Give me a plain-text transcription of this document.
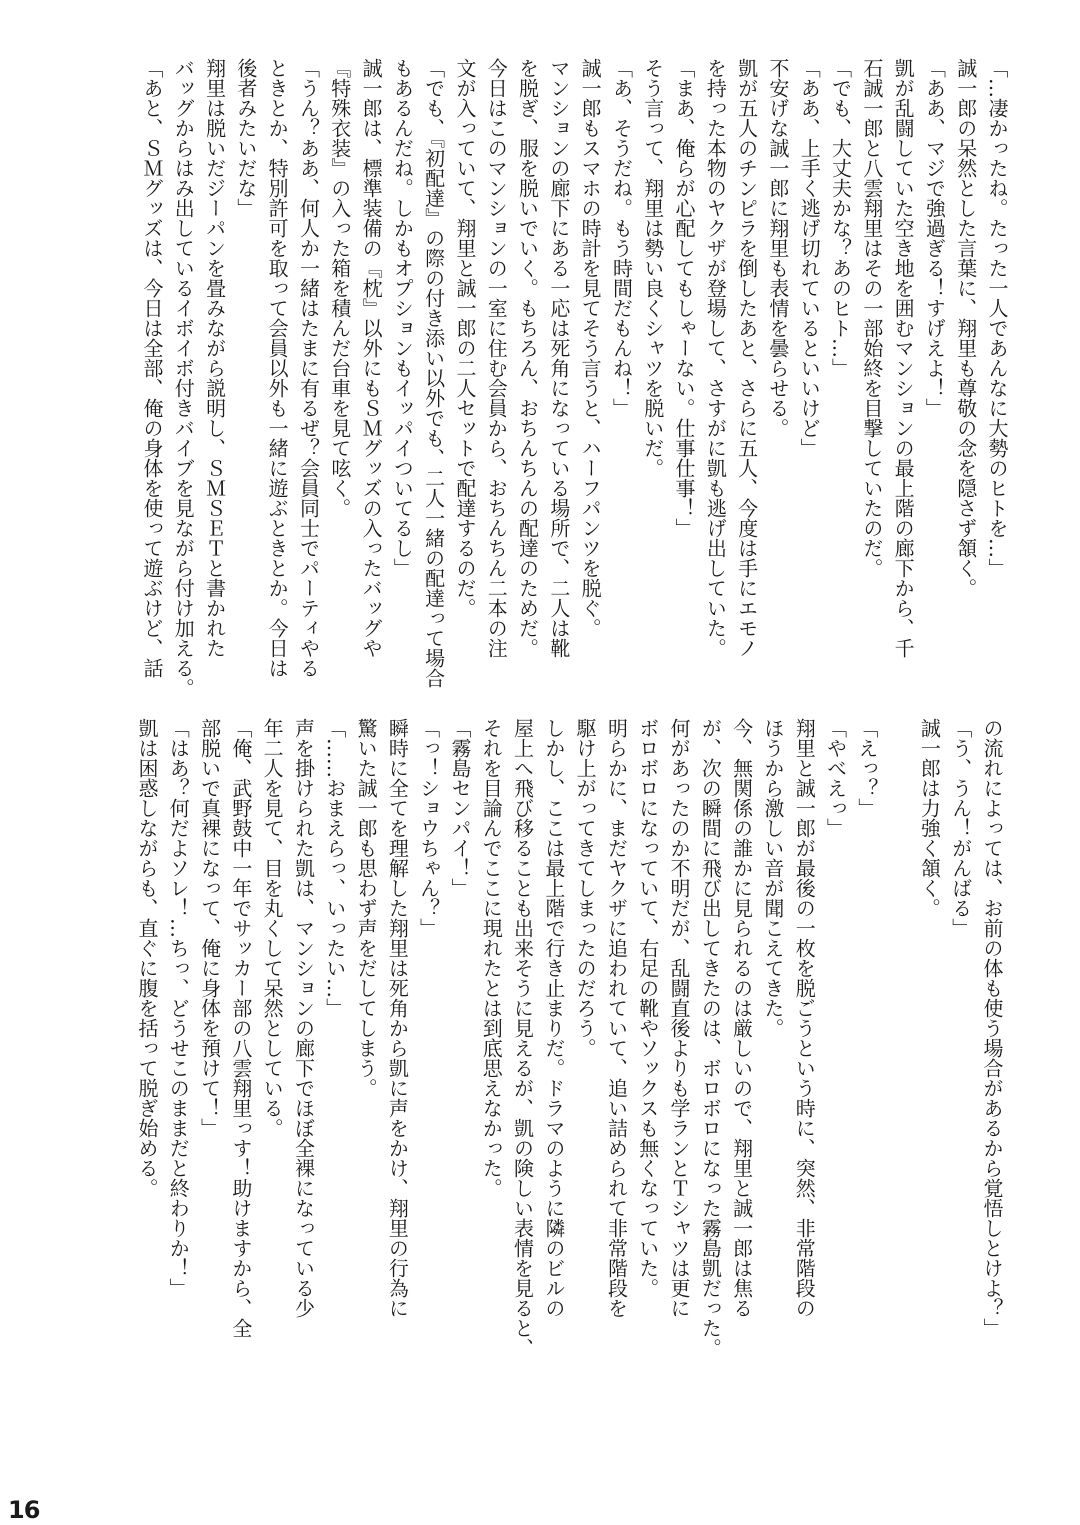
「…凄かったね。たった一人であんなに大勢のヒトを…」
誠一郎の呆然とした言葉に、翔里も尊敬の念を隠さず頷く。
「ああ、マジで強過ぎる！すげえよ！」
凱が乱闘していた空き地を囲むマンションの最上階の廊下から、千
石誠一郎と八雲翔里はその一部始終を目撃していたのだ。
「でも、大丈夫かな？あのヒト…」
「ああ、上手く逃げ切れているといいけど」
不安げな誠一郎に翔里も表情を曇らせる。
凱が五人のチンピラを倒したあと、さらに五人、今度は手にエモノ
を持った本物のヤクザが登場して、さすがに凱も逃げ出していた。
「まあ、俺らが心配してもしゃーない。仕事仕事！」
そう言って、翔里は勢い良くシャツを脱いだ。
「あ、そうだね。もう時間だもんね！」
誠一郎もスマホの時計を見てそう言うと、ハーフパンツを脱ぐ。
マンションの廊下にある一応は死角になっている場所で、二人は靴
を脱ぎ、服を脱いでいく。もちろん、おちんちんの配達のためだ。
今日はこのマンションの一室に住む会員から、おちんちん二本の注
文が入っていて、翔里と誠一郎の二人セットで配達するのだ。
「でも、『初配達』の際の付き添い以外でも、二人一緒の配達って場合
もあるんだね。しかもオプションもイッパイついてるし」
誠一郎は、標準装備の『枕』以外にもＳＭグッズの入ったバッグや
『特殊衣装』の入った箱を積んだ台車を見て呟く。
「うん？ああ、何人か一緒はたまに有るぜ？会員同士でパーティやる
ときとか、特別許可を取って会員以外も一緒に遊ぶときとか。今日は
後者みたいだな」
翔里は脱いだジーパンを畳みながら説明し、ＳＭＳＥＴと書かれた
バッグからはみ出しているイボイボ付きバイブを見ながら付け加える。
「あと、ＳＭグッズは、今日は全部、俺の身体を使って遊ぶけど、話
の流れによっては、お前の体も使う場合があるから覚悟しとけよ？」
「う、うん！がんばる」
誠一郎は力強く頷く。
「えっ？」
「やべえっ」
翔里と誠一郎が最後の一枚を脱ごうという時に、突然、非常階段の
ほうから激しい音が聞こえてきた。
今、無関係の誰かに見られるのは厳しいので、翔里と誠一郎は焦る
が、次の瞬間に飛び出してきたのは、ボロボロになった霧島凱だった。
何があったのか不明だが、乱闘直後よりも学ランとＴシャツは更に
ボロボロになっていて、右足の靴やソックスも無くなっていた。
明らかに、まだヤクザに追われていて、追い詰められて非常階段を
駆け上がってきてしまったのだろう。
しかし、ここは最上階で行き止まりだ。ドラマのように隣のビルの
屋上へ飛び移ることも出来そうに見えるが、凱の険しい表情を見ると、
それを目論んでここに現れたとは到底思えなかった。
「霧島センパイ！」
「っ！ショウちゃん？」
瞬時に全てを理解した翔里は死角から凱に声をかけ、翔里の行為に
驚いた誠一郎も思わず声をだしてしまう。
「……おまえらっ、いったい…」
声を掛けられた凱は、マンションの廊下でほぼ全裸になっている少
年二人を見て、目を丸くして呆然としている。
「俺、武野鼓中一年でサッカー部の八雲翔里っす！助けますから、全
部脱いで真裸になって、俺に身体を預けて！」
「はあ？何だよソレ！…ちっ、どうせこのままだと終わりか！」
凱は困惑しながらも、直ぐに腹を括って脱ぎ始める。
16
